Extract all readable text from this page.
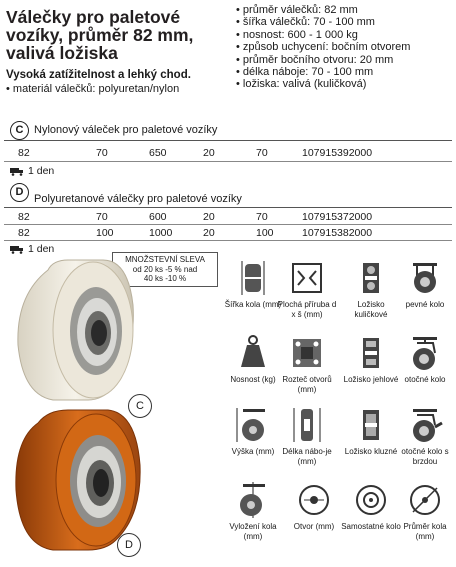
Válečky pro paletové vozíky, průměr 82 mm, valivá ložiska
Vysoká zatížitelnost a lehký chod.
• materiál válečků: polyuretan/nylon
• průměr válečků: 82 mm
• šířka válečků: 70 - 100 mm
• nosnost: 600 - 1 000 kg
• způsob uchycení: bočním otvorem
• průměr bočního otvoru: 20 mm
• délka náboje: 70 - 100 mm
• ložiska: valivá (kuličková)
C Nylonový váleček pro paletové vozíky
82	70	650	20	70	107915392000
1 den
D
Polyuretanové válečky pro paletové vozíky
82	70	600	20	70	107915372000
82	100	1000	20	100	107915382000
1 den
MNOŽSTEVNÍ SLEVA
od 20 ks -5 % nad
40 ks -10 %
C
D
Šířka kola (mm)
Plochá příruba d x š (mm)
Ložisko kuličkové
pevné kolo
Nosnost (kg) Rozteč otvorů (mm)
Ložisko jehlové otočné kolo
Výška (mm) Délka nábo-je (mm)
Ložisko kluzné otočné kolo s brzdou
Vyložení kola (mm)
Otvor (mm) Samostatné kolo Průměr kola (mm)
